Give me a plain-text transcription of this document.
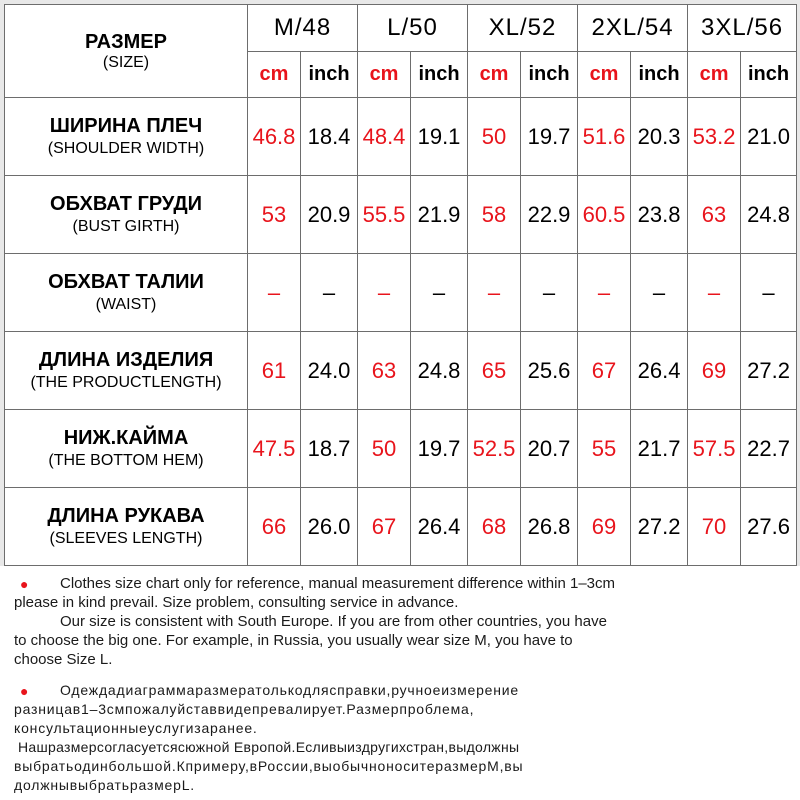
РАЗМЕР
(SIZE)	M/48		L/50		XL/52		2XL/54		3XL/56	
	cm	inch	cm	inch	cm	inch	cm	inch	cm	inch

ШИРИНА ПЛЕЧ
(SHOULDER WIDTH)	46.8	18.4	48.4	19.1	50	19.7	51.6	20.3	53.2	21.0

ОБХВАТ ГРУДИ
(BUST GIRTH)	53	20.9	55.5	21.9	58	22.9	60.5	23.8	63	24.8

ОБХВАТ ТАЛИИ
(WAIST)	–	–	–	–	–	–	–	–	–	–

ДЛИНА ИЗДЕЛИЯ
(THE PRODUCTLENGTH)	61	24.0	63	24.8	65	25.6	67	26.4	69	27.2

НИЖ.КАЙМА
(THE BOTTOM HEM)	47.5	18.7	50	19.7	52.5	20.7	55	21.7	57.5	22.7

ДЛИНА РУКАВА
(SLEEVES LENGTH)	66	26.0	67	26.4	68	26.8	69	27.2	70	27.6
●	Clothes size chart only for reference, manual measurement difference within 1–3cm
please in kind prevail. Size problem, consulting service in advance.
Our size is consistent with South Europe. If you are from other countries, you have
to choose the big one. For example, in Russia, you usually wear size M, you have to
choose Size L.
●	Одеждадиаграммаразмератолькодляcправки,ручноеизмерение
разницав1–3смпожалуйставвидепревалирует.Размерпроблема,
консультационныеуслугизаранее.
Нашразмерсогласуетсясюжной Европой.Есливыиздругихстран,выдолжны
выбратьодинбольшой.Кпримеру,вРоссии,выобычноноситеразмерМ,вы
должнывыбратьразмерL.
